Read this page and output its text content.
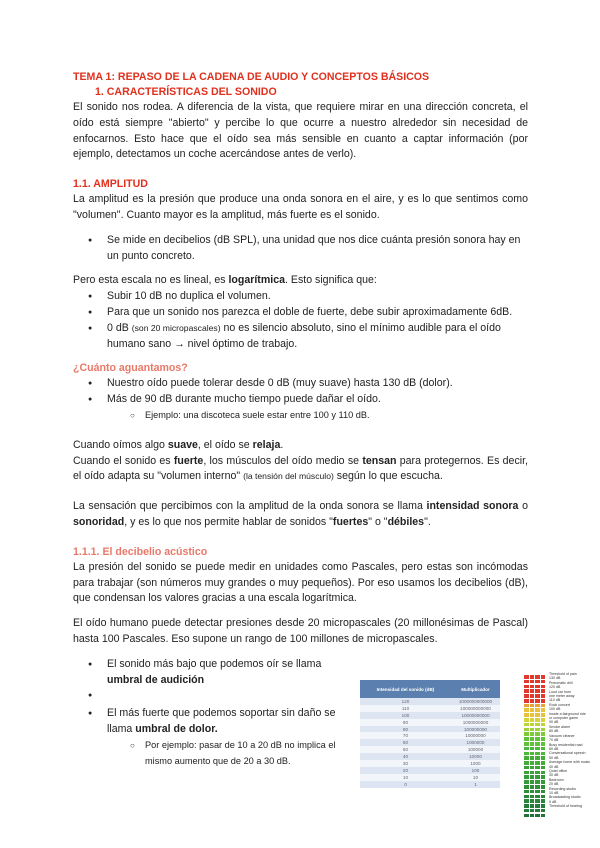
TEMA 1: REPASO DE LA CADENA DE AUDIO Y CONCEPTOS BÁSICOS

1. CARACTERÍSTICAS DEL SONIDO

El sonido nos rodea. A diferencia de la vista, que requiere mirar en una dirección concreta, el oído está siempre "abierto" y percibe lo que ocurre a nuestro alrededor sin necesidad de enfocarnos. Esto hace que el oído sea más sensible en cuanto a captar información (por ejemplo, detectamos un coche acercándose antes de verlo).

1.1. AMPLITUD

La amplitud es la presión que produce una onda sonora en el aire, y es lo que sentimos como "volumen". Cuanto mayor es la amplitud, más fuerte es el sonido.

● Se mide en decibelios (dB SPL), una unidad que nos dice cuánta presión sonora hay en un punto concreto.

Pero esta escala no es lineal, es logarítmica. Esto significa que:

● Subir 10 dB no duplica el volumen.
● Para que un sonido nos parezca el doble de fuerte, debe subir aproximadamente 6dB.
● 0 dB (son 20 micropascales) no es silencio absoluto, sino el mínimo audible para el oído humano sano → nivel óptimo de trabajo.

¿Cuánto aguantamos?

● Nuestro oído puede tolerar desde 0 dB (muy suave) hasta 130 dB (dolor).
● Más de 90 dB durante mucho tiempo puede dañar el oído.
○ Ejemplo: una discoteca suele estar entre 100 y 110 dB.

Cuando oímos algo suave, el oído se relaja.

Cuando el sonido es fuerte, los músculos del oído medio se tensan para protegernos. Es decir, el oído adapta su "volumen interno" (la tensión del músculo) según lo que escucha.

La sensación que percibimos con la amplitud de la onda sonora se llama intensidad sonora o sonoridad, y es lo que nos permite hablar de sonidos "fuertes" o "débiles".

1.1.1. El decibelio acústico

La presión del sonido se puede medir en unidades como Pascales, pero estas son incómodas para trabajar (son números muy grandes o muy pequeños). Por eso usamos los decibelios (dB), que condensan los valores gracias a una escala logarítmica.

El oído humano puede detectar presiones desde 20 micropascales (20 millonésimas de Pascal) hasta 100 Pascales. Eso supone un rango de 100 millones de micropascales.

● El sonido más bajo que podemos oír se llama umbral de audición
●
● El más fuerte que podemos soportar sin daño se llama umbral de dolor.
○ Por ejemplo: pasar de 10 a 20 dB no implica el mismo aumento que de 20 a 30 dB.
Intensidad del sonido (dB)	Multiplicador
120	1000000000000
110	100000000000
100	10000000000
90	1000000000
80	100000000
70	10000000
60	1000000
50	100000
40	10000
30	1000
20	100
10	10
0	1
Threshold of pain
130 dB
Pneumatic drill
120 dB
Loud car horn
one meter away
110 dB
Rock concert
100 dB
Inside a fairground ride
or computer game
90 dB
Smoke alarm
80 dB
Vacuum cleaner
70 dB
Busy residential road
60 dB
Conversational speech
50 dB
Average home with music
40 dB
Quiet office
30 dB
Bedroom
20 dB
Recording studio
10 dB
Broadcasting studio
0 dB
Threshold of hearing
